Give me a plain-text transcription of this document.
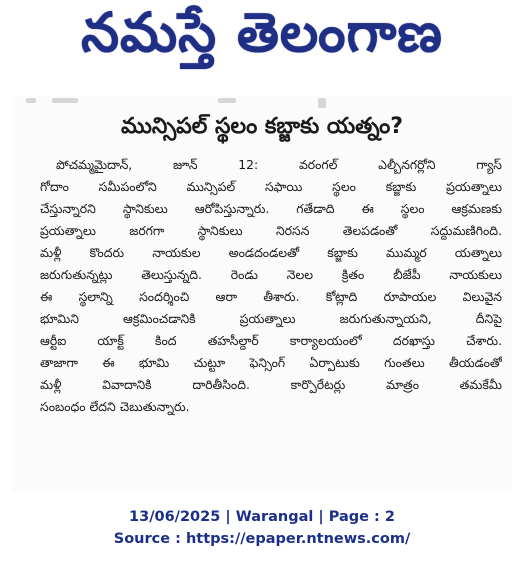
నమస్తే తెలంగాణ
మున్సిపల్ స్థలం కబ్జాకు యత్నం?
పోచమ్మమైదాన్, జూన్ 12: వరంగల్ ఎల్బీనగర్లోని గ్యాస్
గోదాం సమీపంలోని మున్సిపల్ సఫాయి స్థలం కబ్జాకు ప్రయత్నాలు
చేస్తున్నారని స్థానికులు ఆరోపిస్తున్నారు. గతేడాది ఈ స్థలం ఆక్రమణకు
ప్రయత్నాలు జరగగా స్థానికులు నిరసన తెలపడంతో సద్దుమణిగింది.
మళ్లీ కొందరు నాయకుల అండదండలతో కబ్జాకు ముమ్మర యత్నాలు
జరుగుతున్నట్లు తెలుస్తున్నది. రెండు నెలల క్రితం బీజేపీ నాయకులు
ఈ స్థలాన్ని సందర్శించి ఆరా తీశారు. కోట్లాది రూపాయల విలువైన
భూమిని ఆక్రమించడానికి ప్రయత్నాలు జరుగుతున్నాయని, దీనిపై
ఆర్టీఐ యాక్ట్ కింద తహసీల్దార్ కార్యాలయంలో దరఖాస్తు చేశారు.
తాజాగా ఈ భూమి చుట్టూ ఫెన్సింగ్ ఏర్పాటుకు గుంతలు తీయడంతో
మళ్లీ వివాదానికి దారితీసింది. కార్పొరేటర్లు మాత్రం తమకేమీ
సంబంధం లేదని చెబుతున్నారు.
13/06/2025 | Warangal | Page : 2
Source : https://epaper.ntnews.com/
